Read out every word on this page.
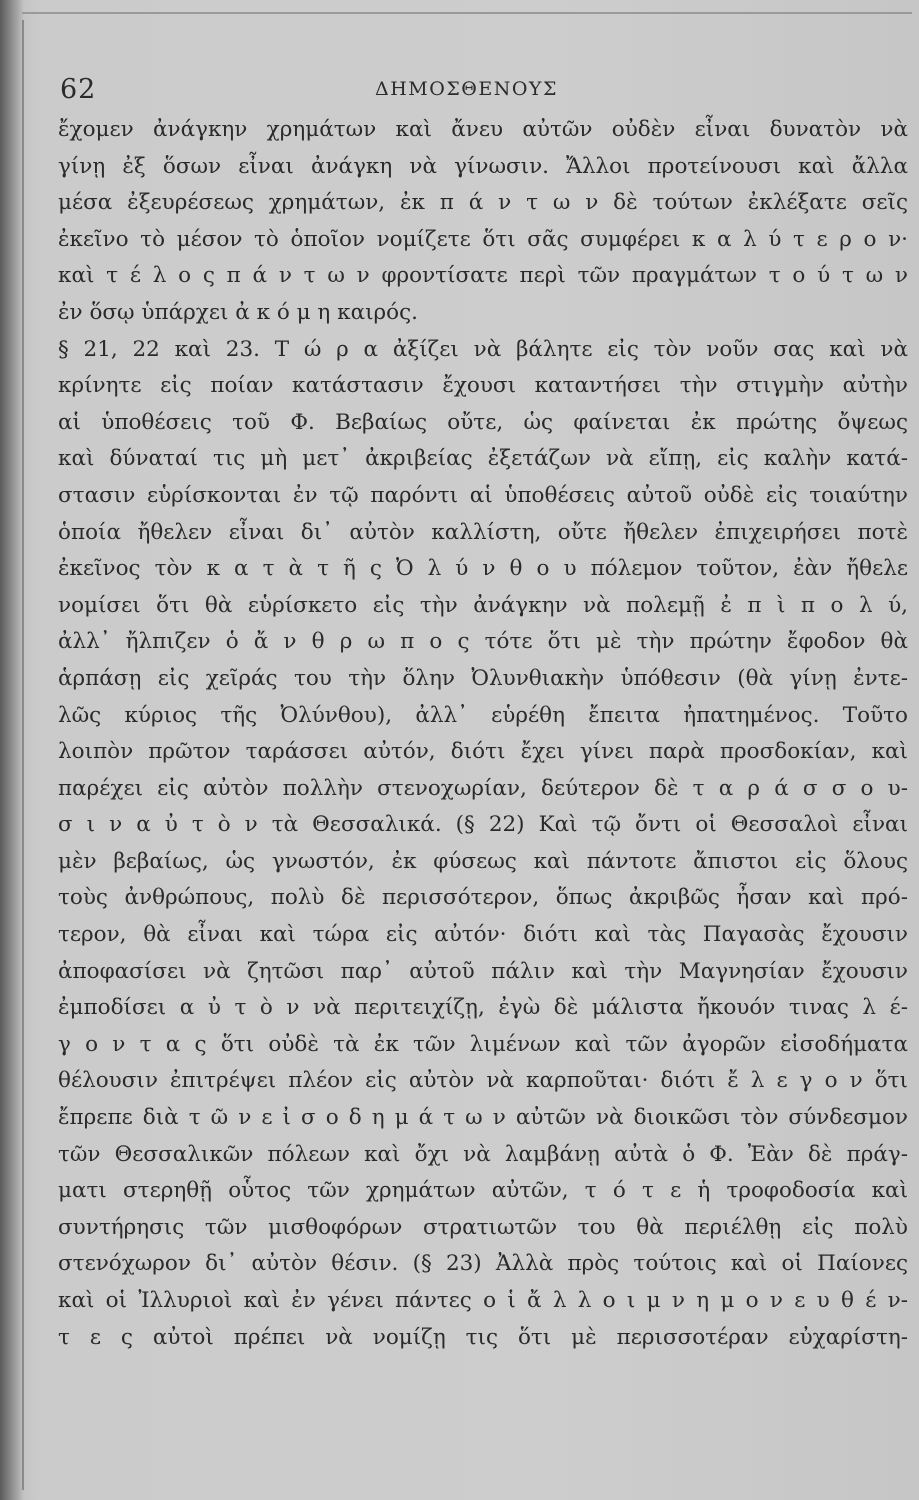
62	ΔΗΜΟΣΘΕΝΟΥΣ
ἔχομεν ἀνάγκην χρημάτων καὶ ἄνευ αὐτῶν οὐδὲν εἶναι δυνατὸν νὰ
γίνῃ ἐξ ὅσων εἶναι ἀνάγκη νὰ γίνωσιν. Ἄλλοι προτείνουσι καὶ ἄλλα
μέσα ἐξευρέσεως χρημάτων, ἐκ π ά ν τ ω ν δὲ τούτων ἐκλέξατε σεῖς
ἐκεῖνο τὸ μέσον τὸ ὁποῖον νομίζετε ὅτι σᾶς συμφέρει κ α λ ύ τ ε ρ ο ν·
καὶ τ έ λ ο ς π ά ν τ ω ν φροντίσατε περὶ τῶν πραγμάτων τ ο ύ τ ω ν
ἐν ὅσῳ ὑπάρχει ἀ κ ό μ η καιρός.
§ 21, 22 καὶ 23. Τ ώ ρ α ἀξίζει νὰ βάλητε εἰς τὸν νοῦν σας καὶ νὰ
κρίνητε εἰς ποίαν κατάστασιν ἔχουσι καταντήσει τὴν στιγμὴν αὐτὴν
αἱ ὑποθέσεις τοῦ Φ. Βεβαίως οὔτε, ὡς φαίνεται ἐκ πρώτης ὄψεως
καὶ δύναταί τις μὴ μετ᾽ ἀκριβείας ἐξετάζων νὰ εἴπῃ, εἰς καλὴν κατά-
στασιν εὑρίσκονται ἐν τῷ παρόντι αἱ ὑποθέσεις αὐτοῦ οὐδὲ εἰς τοιαύτην
ὁποία ἤθελεν εἶναι δι᾽ αὐτὸν καλλίστη, οὔτε ἤθελεν ἐπιχειρήσει ποτὲ
ἐκεῖνος τὸν κ α τ ὰ τ ῆ ς Ὀ λ ύ ν θ ο υ πόλεμον τοῦτον, ἐὰν ἤθελε
νομίσει ὅτι θὰ εὑρίσκετο εἰς τὴν ἀνάγκην νὰ πολεμῇ ἐ π ὶ π ο λ ύ,
ἀλλ᾽ ἤλπιζεν ὁ ἄ ν θ ρ ω π ο ς τότε ὅτι μὲ τὴν πρώτην ἔφοδον θὰ
ἁρπάσῃ εἰς χεῖράς του τὴν ὅλην Ὀλυνθιακὴν ὑπόθεσιν (θὰ γίνῃ ἐντε-
λῶς κύριος τῆς Ὀλύνθου), ἀλλ᾽ εὑρέθη ἔπειτα ἠπατημένος. Τοῦτο
λοιπὸν πρῶτον ταράσσει αὐτόν, διότι ἔχει γίνει παρὰ προσδοκίαν, καὶ
παρέχει εἰς αὐτὸν πολλὴν στενοχωρίαν, δεύτερον δὲ τ α ρ ά σ σ ο υ-
σ ι ν α ὐ τ ὸ ν τὰ Θεσσαλικά. (§ 22) Καὶ τῷ ὄντι οἱ Θεσσαλοὶ εἶναι
μὲν βεβαίως, ὡς γνωστόν, ἐκ φύσεως καὶ πάντοτε ἄπιστοι εἰς ὅλους
τοὺς ἀνθρώπους, πολὺ δὲ περισσότερον, ὅπως ἀκριβῶς ἦσαν καὶ πρό-
τερον, θὰ εἶναι καὶ τώρα εἰς αὐτόν· διότι καὶ τὰς Παγασὰς ἔχουσιν
ἀποφασίσει νὰ ζητῶσι παρ᾽ αὐτοῦ πάλιν καὶ τὴν Μαγνησίαν ἔχουσιν
ἐμποδίσει α ὐ τ ὸ ν νὰ περιτειχίζῃ, ἐγὼ δὲ μάλιστα ἤκουόν τινας λ έ-
γ ο ν τ α ς ὅτι οὐδὲ τὰ ἐκ τῶν λιμένων καὶ τῶν ἀγορῶν εἰσοδήματα
θέλουσιν ἐπιτρέψει πλέον εἰς αὐτὸν νὰ καρποῦται· διότι ἔ λ ε γ ο ν ὅτι
ἔπρεπε διὰ τ ῶ ν ε ἰ σ ο δ η μ ά τ ω ν αὐτῶν νὰ διοικῶσι τὸν σύνδεσμον
τῶν Θεσσαλικῶν πόλεων καὶ ὄχι νὰ λαμβάνῃ αὐτὰ ὁ Φ. Ἐὰν δὲ πράγ-
ματι στερηθῇ οὗτος τῶν χρημάτων αὐτῶν, τ ό τ ε ἡ τροφοδοσία καὶ
συντήρησις τῶν μισθοφόρων στρατιωτῶν του θὰ περιέλθῃ εἰς πολὺ
στενόχωρον δι᾽ αὐτὸν θέσιν. (§ 23) Ἀλλὰ πρὸς τούτοις καὶ οἱ Παίονες
καὶ οἱ Ἰλλυριοὶ καὶ ἐν γένει πάντες ο ἱ ἄ λ λ ο ι μ ν η μ ο ν ε υ θ έ ν-
τ ε ς αὐτοὶ πρέπει νὰ νομίζῃ τις ὅτι μὲ περισσοτέραν εὐχαρίστη-
